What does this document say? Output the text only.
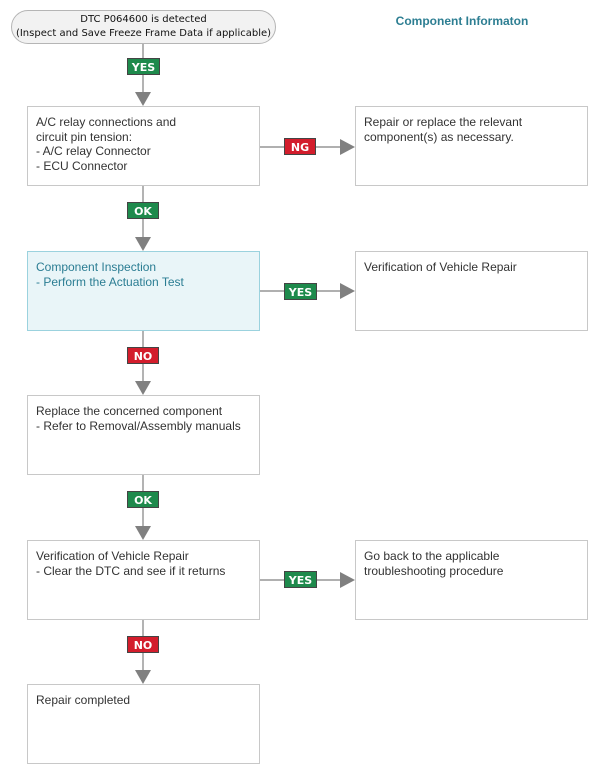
DTC P064600 is detected
(Inspect and Save Freeze Frame Data if applicable)
Component Informaton
A/C relay connections and
circuit pin tension:
- A/C relay Connector
- ECU Connector
Repair or replace the relevant
component(s) as necessary.
Component Inspection
- Perform the Actuation Test
Verification of Vehicle Repair
Replace the concerned component
- Refer to Removal/Assembly manuals
Verification of Vehicle Repair
- Clear the DTC and see if it returns
Go back to the applicable
troubleshooting procedure
Repair completed
YES
NG
OK
YES
NO
OK
YES
NO
